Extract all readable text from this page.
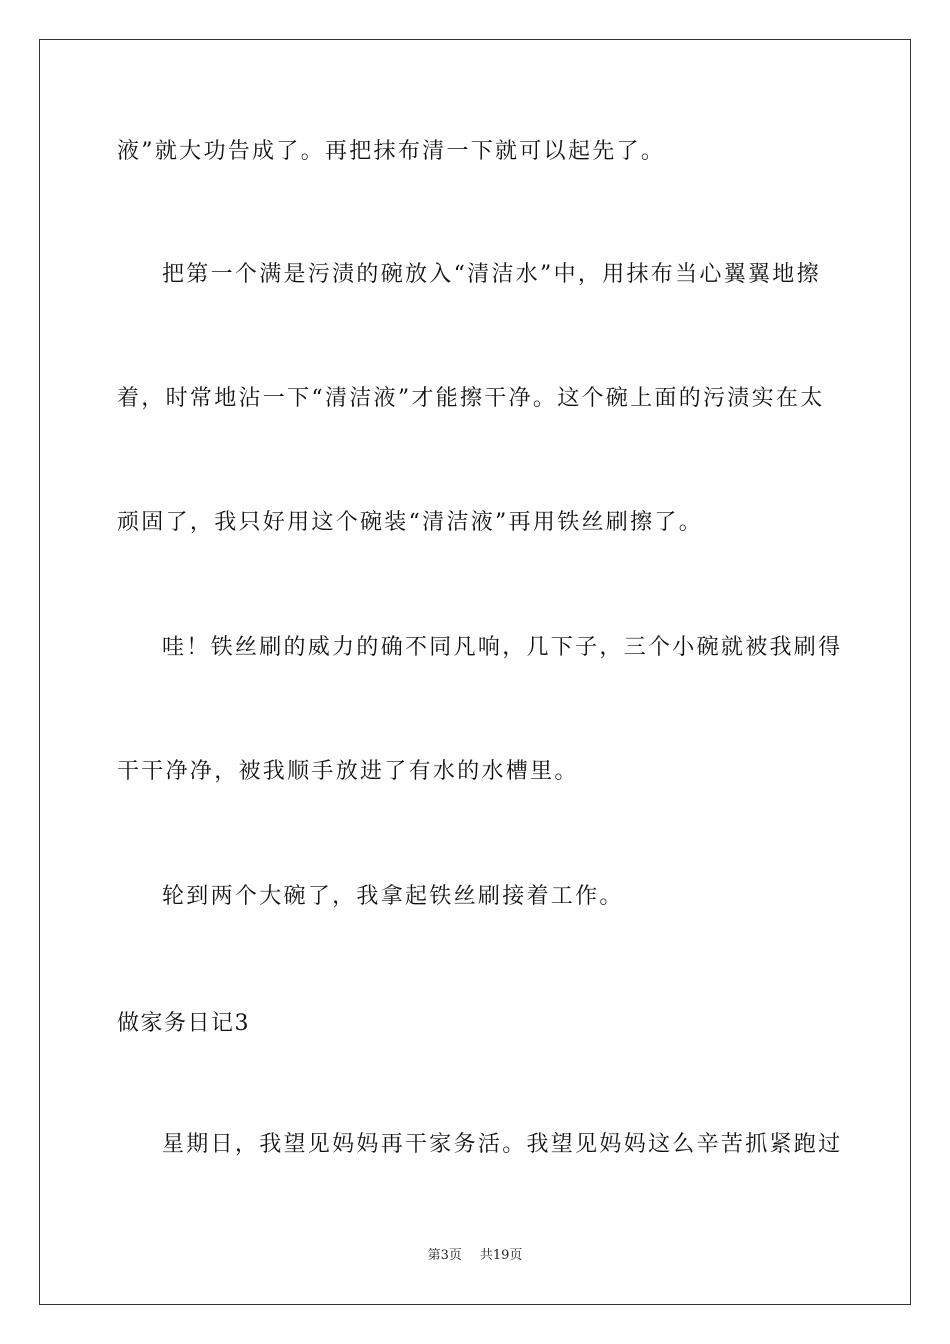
液”就大功告成了。再把抹布清一下就可以起先了。
把第一个满是污渍的碗放入“清洁水”中，用抹布当心翼翼地擦
着，时常地沾一下“清洁液”才能擦干净。这个碗上面的污渍实在太
顽固了，我只好用这个碗装“清洁液”再用铁丝刷擦了。
哇！铁丝刷的威力的确不同凡响，几下子，三个小碗就被我刷得
干干净净，被我顺手放进了有水的水槽里。
轮到两个大碗了，我拿起铁丝刷接着工作。
做家务日记3
星期日，我望见妈妈再干家务活。我望见妈妈这么辛苦抓紧跑过
第3页 共19页
